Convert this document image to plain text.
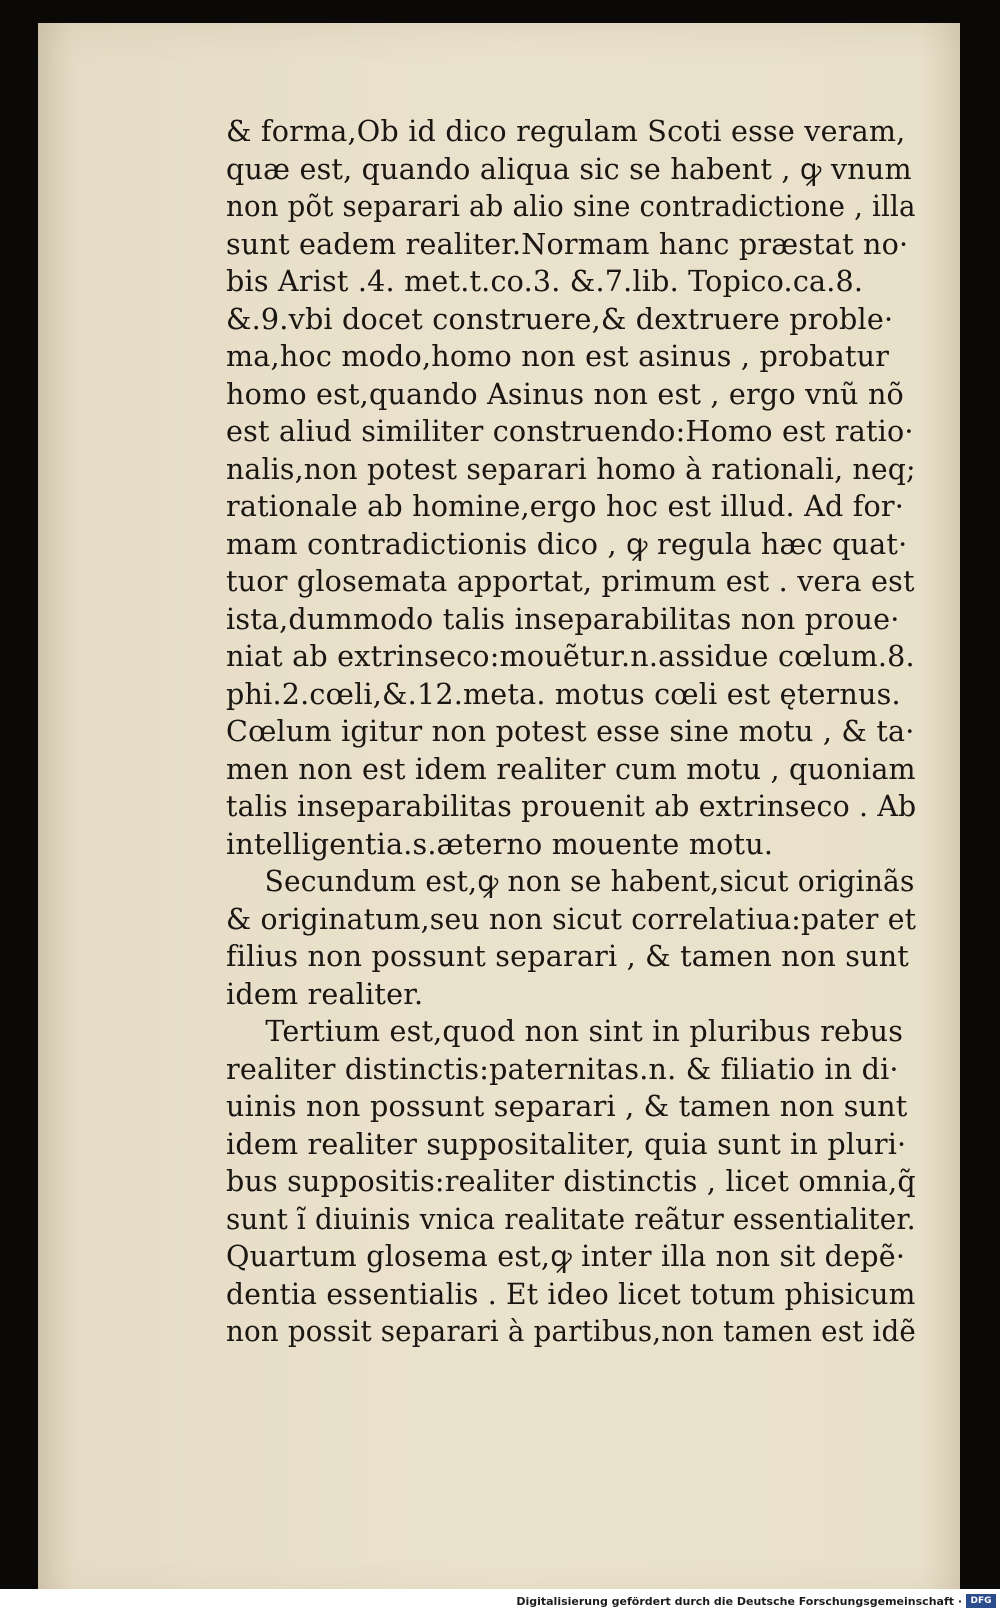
& forma,Ob id dico regulam Scoti esse veram,
quæ est, quando aliqua sic se habent , ꝙ vnum
non põt separari ab alio sine contradictione , illa
sunt eadem realiter.Normam hanc præstat no·
bis Arist .4. met.t.co.3. &.7.lib. Topico.ca.8.
&.9.vbi docet construere,& dextruere proble·
ma,hoc modo,homo non est asinus , probatur
homo est,quando Asinus non est , ergo vnũ nõ
est aliud similiter construendo:Homo est ratio·
nalis,non potest separari homo à rationali, neq;
rationale ab homine,ergo hoc est illud. Ad for·
mam contradictionis dico , ꝙ regula hæc quat·
tuor glosemata apportat, primum est . vera est
ista,dummodo talis inseparabilitas non proue·
niat ab extrinseco:mouẽtur.n.assidue cœlum.8.
phi.2.cœli,&.12.meta. motus cœli est ęternus.
Cœlum igitur non potest esse sine motu , & ta·
men non est idem realiter cum motu , quoniam
talis inseparabilitas prouenit ab extrinseco . Ab
intelligentia.s.æterno mouente motu.
Secundum est,ꝙ non se habent,sicut originãs
& originatum,seu non sicut correlatiua:pater et
filius non possunt separari , & tamen non sunt
idem realiter.
Tertium est,quod non sint in pluribus rebus
realiter distinctis:paternitas.n. & filiatio in di·
uinis non possunt separari , & tamen non sunt
idem realiter suppositaliter, quia sunt in pluri·
bus suppositis:realiter distinctis , licet omnia,q̃
sunt ĩ diuinis vnica realitate reãtur essentialiter.
Quartum glosema est,ꝙ inter illa non sit depẽ·
dentia essentialis . Et ideo licet totum phisicum
non possit separari à partibus,non tamen est idẽ
Digitalisierung gefördert durch die Deutsche Forschungsgemeinschaft · DFG
